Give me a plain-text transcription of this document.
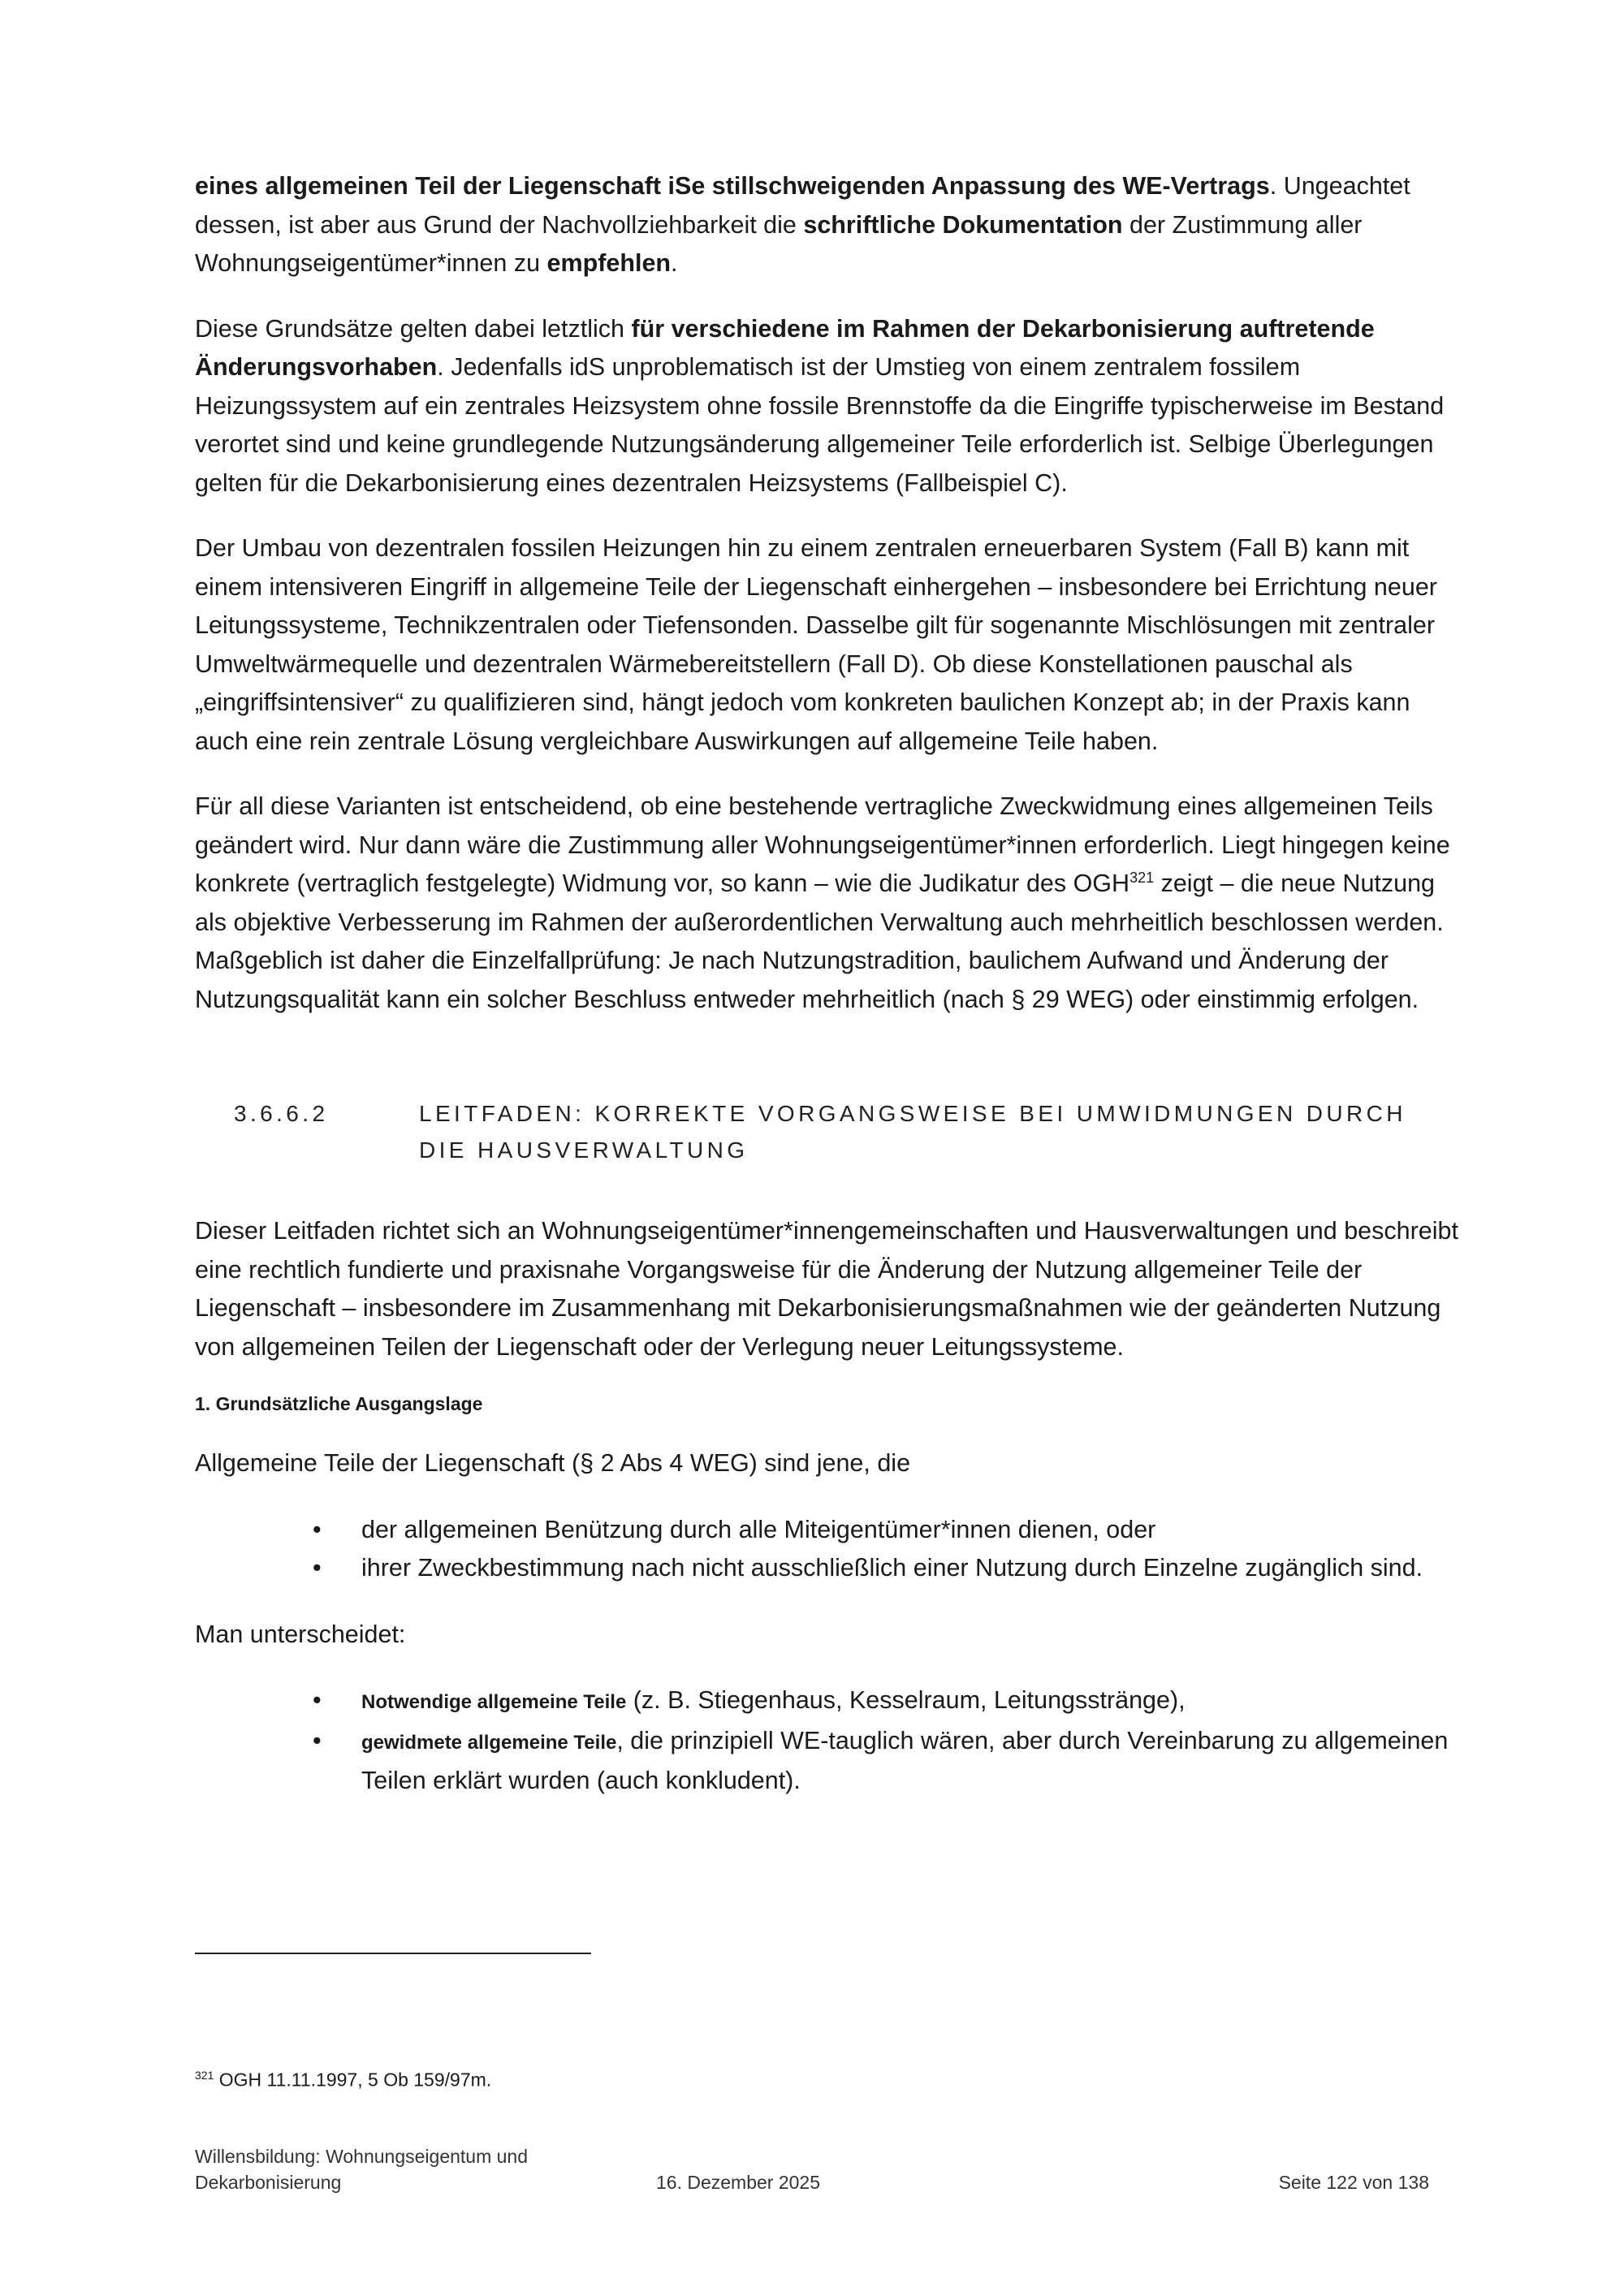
eines allgemeinen Teil der Liegenschaft iSe stillschweigenden Anpassung des WE-Vertrags. Ungeachtet dessen, ist aber aus Grund der Nachvollziehbarkeit die schriftliche Dokumentation der Zustimmung aller Wohnungseigentümer*innen zu empfehlen.

Diese Grundsätze gelten dabei letztlich für verschiedene im Rahmen der Dekarbonisierung auftretende Änderungsvorhaben. Jedenfalls idS unproblematisch ist der Umstieg von einem zentralem fossilem Heizungssystem auf ein zentrales Heizsystem ohne fossile Brennstoffe da die Eingriffe typischerweise im Bestand verortet sind und keine grundlegende Nutzungsänderung allgemeiner Teile erforderlich ist. Selbige Überlegungen gelten für die Dekarbonisierung eines dezentralen Heizsystems (Fallbeispiel C).

Der Umbau von dezentralen fossilen Heizungen hin zu einem zentralen erneuerbaren System (Fall B) kann mit einem intensiveren Eingriff in allgemeine Teile der Liegenschaft einhergehen – insbesondere bei Errichtung neuer Leitungssysteme, Technikzentralen oder Tiefensonden. Dasselbe gilt für sogenannte Mischlösungen mit zentraler Umweltwärmequelle und dezentralen Wärmebereitstellern (Fall D). Ob diese Konstellationen pauschal als „eingriffsintensiver“ zu qualifizieren sind, hängt jedoch vom konkreten baulichen Konzept ab; in der Praxis kann auch eine rein zentrale Lösung vergleichbare Auswirkungen auf allgemeine Teile haben.

Für all diese Varianten ist entscheidend, ob eine bestehende vertragliche Zweckwidmung eines allgemeinen Teils geändert wird. Nur dann wäre die Zustimmung aller Wohnungseigentümer*innen erforderlich. Liegt hingegen keine konkrete (vertraglich festgelegte) Widmung vor, so kann – wie die Judikatur des OGH$^{321}$ zeigt – die neue Nutzung als objektive Verbesserung im Rahmen der außerordentlichen Verwaltung auch mehrheitlich beschlossen werden. Maßgeblich ist daher die Einzelfallprüfung: Je nach Nutzungstradition, baulichem Aufwand und Änderung der Nutzungsqualität kann ein solcher Beschluss entweder mehrheitlich (nach § 29 WEG) oder einstimmig erfolgen.

3.6.6.2	LEITFADEN: KORREKTE VORGANGSWEISE BEI UMWIDMUNGEN DURCH DIE HAUSVERWALTUNG

Dieser Leitfaden richtet sich an Wohnungseigentümer*innengemeinschaften und Hausverwaltungen und beschreibt eine rechtlich fundierte und praxisnahe Vorgangsweise für die Änderung der Nutzung allgemeiner Teile der Liegenschaft – insbesondere im Zusammenhang mit Dekarbonisierungsmaßnahmen wie der geänderten Nutzung von allgemeinen Teilen der Liegenschaft oder der Verlegung neuer Leitungssysteme.

1. Grundsätzliche Ausgangslage

Allgemeine Teile der Liegenschaft (§ 2 Abs 4 WEG) sind jene, die

• der allgemeinen Benützung durch alle Miteigentümer*innen dienen, oder
• ihrer Zweckbestimmung nach nicht ausschließlich einer Nutzung durch Einzelne zugänglich sind.

Man unterscheidet:

• Notwendige allgemeine Teile (z. B. Stiegenhaus, Kesselraum, Leitungsstränge),
• gewidmete allgemeine Teile, die prinzipiell WE-tauglich wären, aber durch Vereinbarung zu allgemeinen Teilen erklärt wurden (auch konkludent).
$^{321}$ OGH 11.11.1997, 5 Ob 159/97m.
Willensbildung: Wohnungseigentum und Dekarbonisierung	16. Dezember 2025	Seite 122 von 138
